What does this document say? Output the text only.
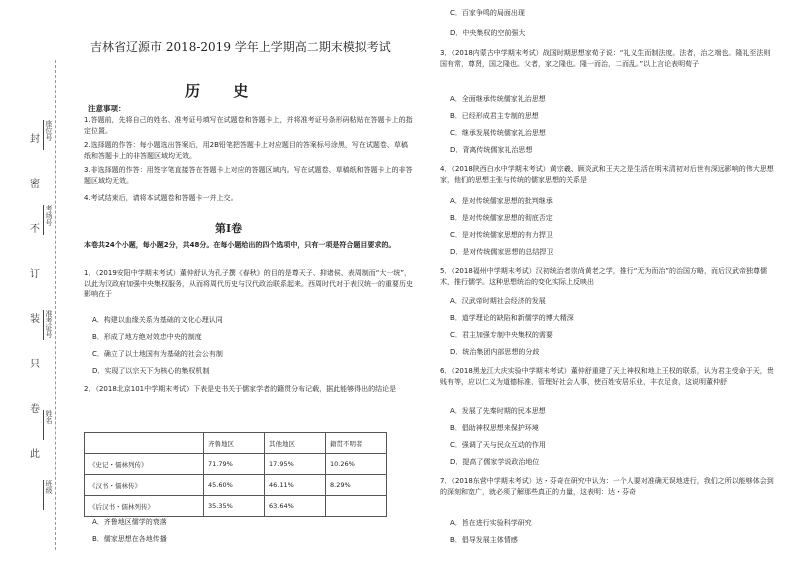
封
密
不
订
装
只
卷
此
座位号
考场号
准考证号
姓名
班级
吉林省辽源市 2018-2019 学年上学期高二期末模拟考试
历 史
注意事项：
1.答题前，先将自己的姓名、准考证号填写在试题卷和答题卡上，并将准考证号条形码粘贴在答题卡上的指定位置。
2.选择题的作答：每小题选出答案后，用2B铅笔把答题卡上对应题目的答案标号涂黑，写在试题卷、草稿纸和答题卡上的非答题区域均无效。
3.非选择题的作答：用签字笔直接答在答题卡上对应的答题区域内。写在试题卷、草稿纸和答题卡上的非答题区域均无效。
4.考试结束后，请将本试题卷和答题卡一并上交。
第Ⅰ卷
本卷共24个小题，每小题2分，共48分。在每小题给出的四个选项中，只有一项是符合题目要求的。
1．（2019安阳中学期末考试）董仲舒认为孔子撰《春秋》的目的是尊天子、抑诸侯、表周制而“大一统”，以此为汉政府加强中央集权服务，从而将周代历史与汉代政治联系起来。西周时代对于表汉统一的重要历史影响在于
A．构建以血缘关系为基础的文化心理认同
B．形成了地方绝对效忠中央的制度
C．确立了以土地国有为基础的社会公有制
D．实现了以宗天下为核心的集权机制
2．（2018北京101中学期末考试）下表是史书关于儒家学者的籍贯分布记载，据此能够得出的结论是
	齐鲁地区	其他地区	籍贯不明者
《史记・儒林列传》	71.79%	17.95%	10.26%
《汉书・儒林传》	45.60%	46.11%	8.29%
《后汉书・儒林列传》	35.35%	63.64%	
A．齐鲁地区儒学的衰落
B．儒家思想在各地传播
C．百家争鸣的局面出现
D．中央集权的空前强大
3．（2018内蒙古中学期末考试）战国时期思想家荀子说：“礼义生而制法度。法者，治之端也。隆礼至法则国有常，尊贤，国之隆也。父者，家之隆也。隆一而治，二而乱。”以上言论表明荀子
A．全面继承传统儒家礼治思想
B．已经形成君主专制的思想
C．继承发展传统儒家礼治思想
D．背离传统儒家礼治思想
4．（2018陕西白水中学期末考试）黄宗羲、顾炎武和王夫之是生活在明末清初对后世有深远影响的伟大思想家，他们的思想主张与传统的儒家思想的关系是
A．是对传统儒家思想的批判继承
B．是对传统儒家思想的彻底否定
C．是对传统儒家思想的有力捍卫
D．是对传统儒家思想的总结捍卫
5．（2018福州中学期末考试）汉初统治者崇尚黄老之学，推行“无为而治”的治国方略，而后汉武帝独尊儒术，推行儒学。这种思想统治的变化实际上反映出
A．汉武帝时期社会经济的发展
B．道学理论的缺陷和新儒学的博大精深
C．君主加强专制中央集权的需要
D．统治集团内部思想的分歧
6．（2018黑龙江大庆实验中学期末考试）董仲舒重建了天上神权和地上王权的联系，认为君主受命于天，贵贱有等，应以仁义为道德标准，管理好社会人事，使百姓安居乐业，丰衣足食，这说明董仲舒
A．发展了先秦时期的民本思想
B．倡助神权思想来保护环境
C．强调了天与民众互动的作用
D．提高了儒家学说政治地位
7．（2018东营中学期末考试）达・芬奇在研究中认为：一个人要对准确无误地进行，我们之所以能够体会到的深刻和宽广，就必须了解那些真正的力量，这表明：达・芬奇
A．旨在进行实验科学研究
B．倡导发展主体情感
